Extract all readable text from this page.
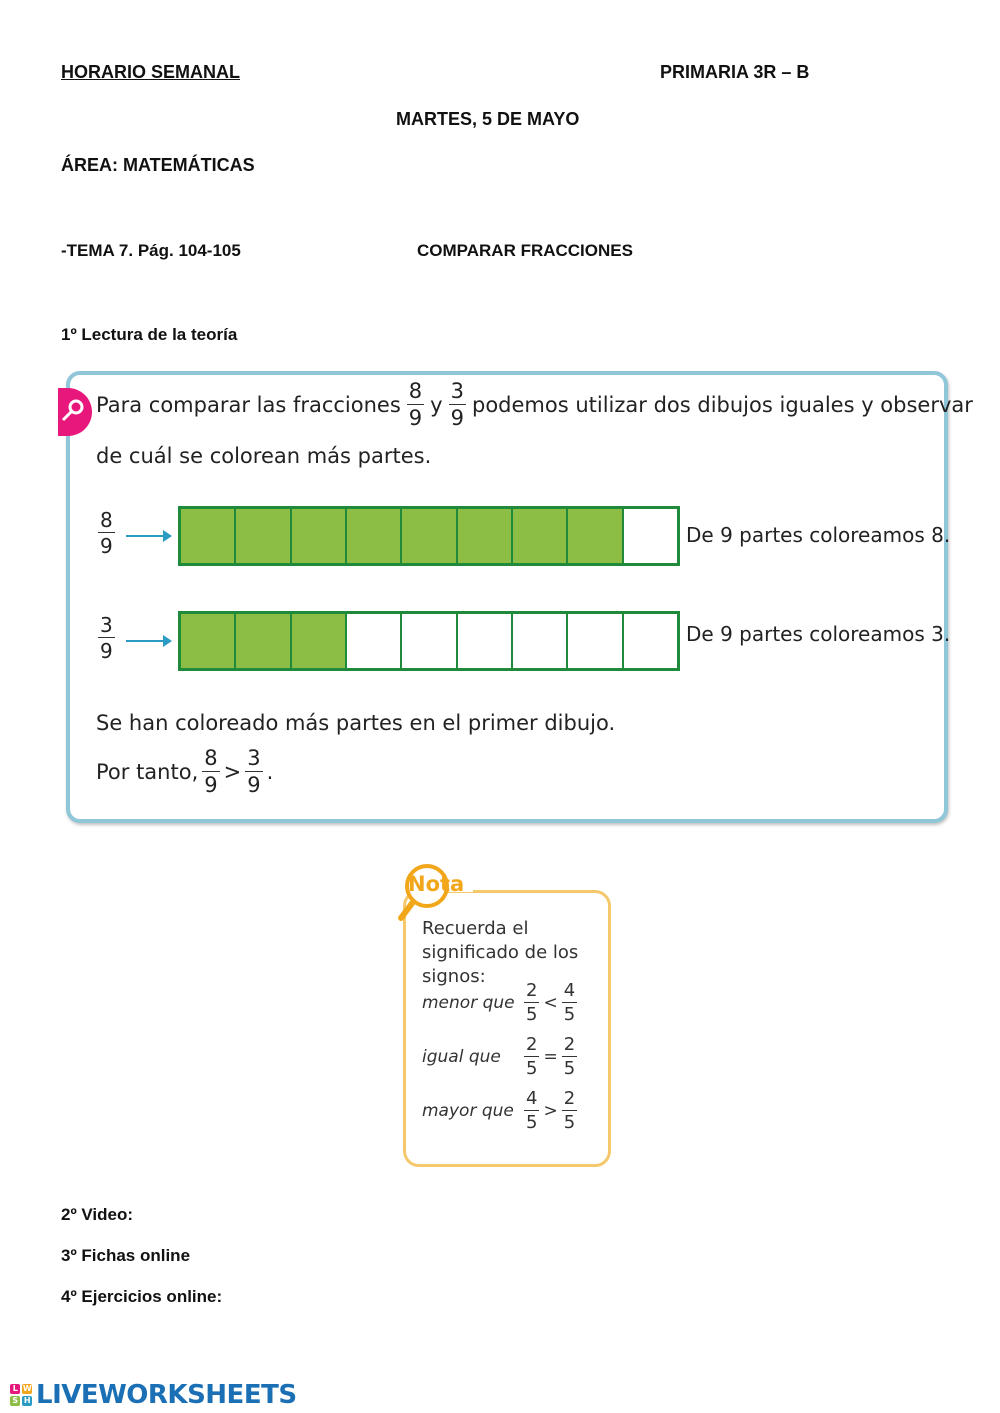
HORARIO SEMANAL	PRIMARIA 3R – B
MARTES, 5 DE MAYO
ÁREA: MATEMÁTICAS
-TEMA 7. Pág. 104-105	COMPARAR FRACCIONES
1º Lectura de la teoría
Para comparar las fracciones $\frac{8}{9}$ y $\frac{3}{9}$ podemos utilizar dos dibujos iguales y observar
de cuál se colorean más partes.
$\frac{8}{9}$	De 9 partes coloreamos 8.
$\frac{3}{9}$	De 9 partes coloreamos 3.
Se han coloreado más partes en el primer dibujo.
Por tanto, $\frac{8}{9} > \frac{3}{9}$ .
Nota
Recuerda el
significado de los
signos:
menor que $\frac{2}{5} < \frac{4}{5}$
igual que	$\frac{2}{5} = \frac{2}{5}$
mayor que $\frac{4}{5} > \frac{2}{5}$
2º Video:
3º Fichas online
4º Ejercicios online:
L W
S H LIVEWORKSHEETS
